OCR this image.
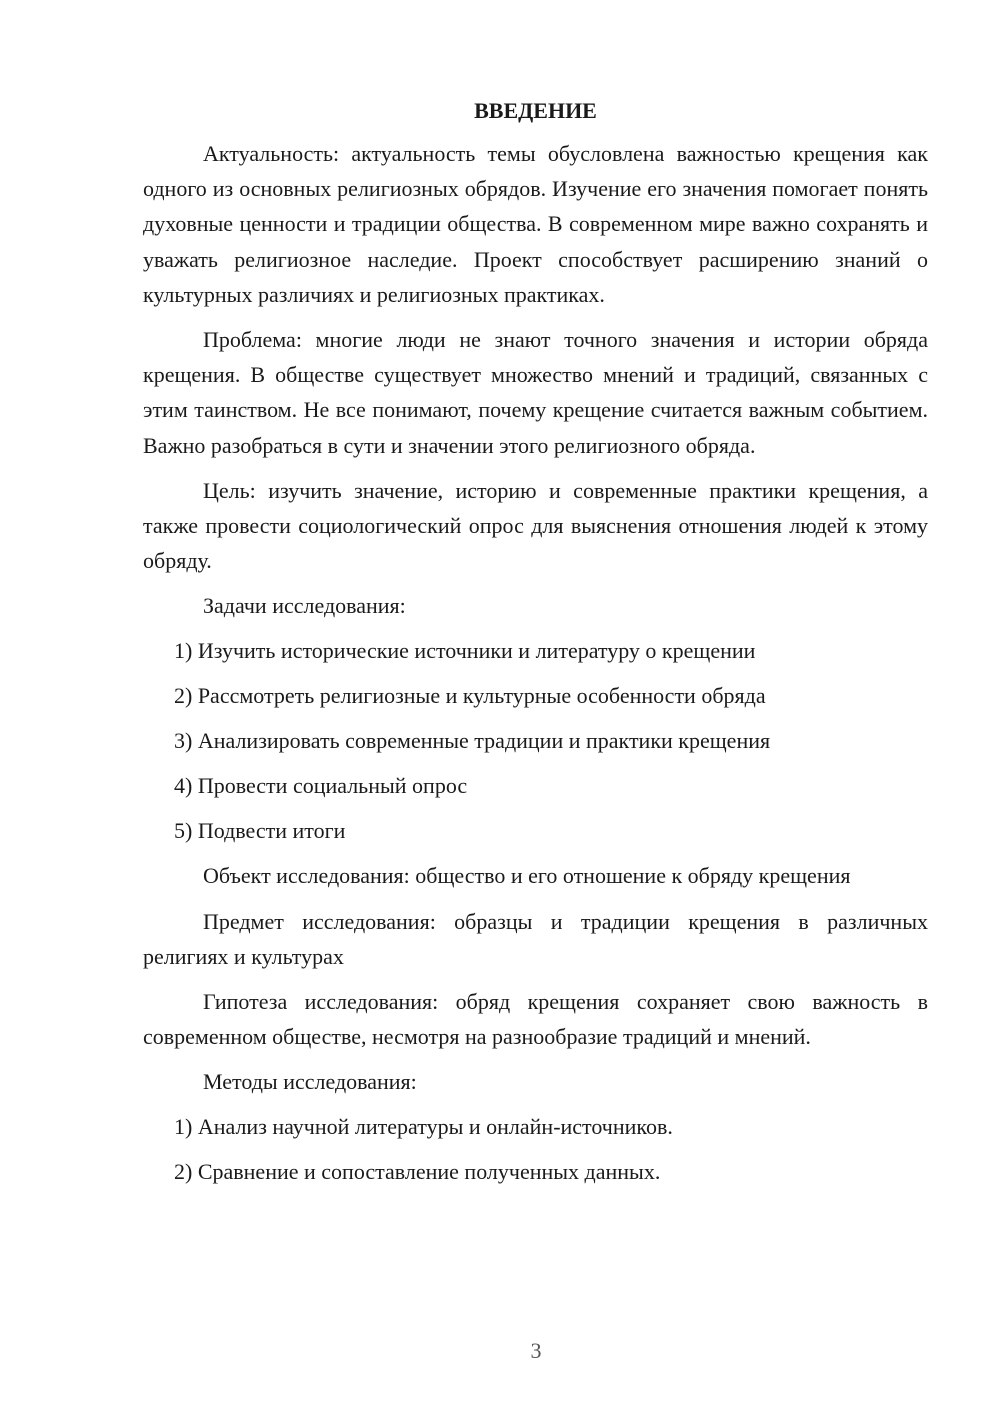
ВВЕДЕНИЕ

Актуальность: актуальность темы обусловлена важностью крещения как одного из основных религиозных обрядов. Изучение его значения помогает понять духовные ценности и традиции общества. В современном мире важно сохранять и уважать религиозное наследие. Проект способствует расширению знаний о культурных различиях и религиозных практиках.

Проблема: многие люди не знают точного значения и истории обряда крещения. В обществе существует множество мнений и традиций, связанных с этим таинством. Не все понимают, почему крещение считается важным событием. Важно разобраться в сути и значении этого религиозного обряда.

Цель: изучить значение, историю и современные практики крещения, а также провести социологический опрос для выяснения отношения людей к этому обряду.

Задачи исследования:
1) Изучить исторические источники и литературу о крещении
2) Рассмотреть религиозные и культурные особенности обряда
3) Анализировать современные традиции и практики крещения
4) Провести социальный опрос
5) Подвести итоги

Объект исследования: общество и его отношение к обряду крещения

Предмет исследования: образцы и традиции крещения в различных религиях и культурах

Гипотеза исследования: обряд крещения сохраняет свою важность в современном обществе, несмотря на разнообразие традиций и мнений.

Методы исследования:
1) Анализ научной литературы и онлайн-источников.
2) Сравнение и сопоставление полученных данных.
3
